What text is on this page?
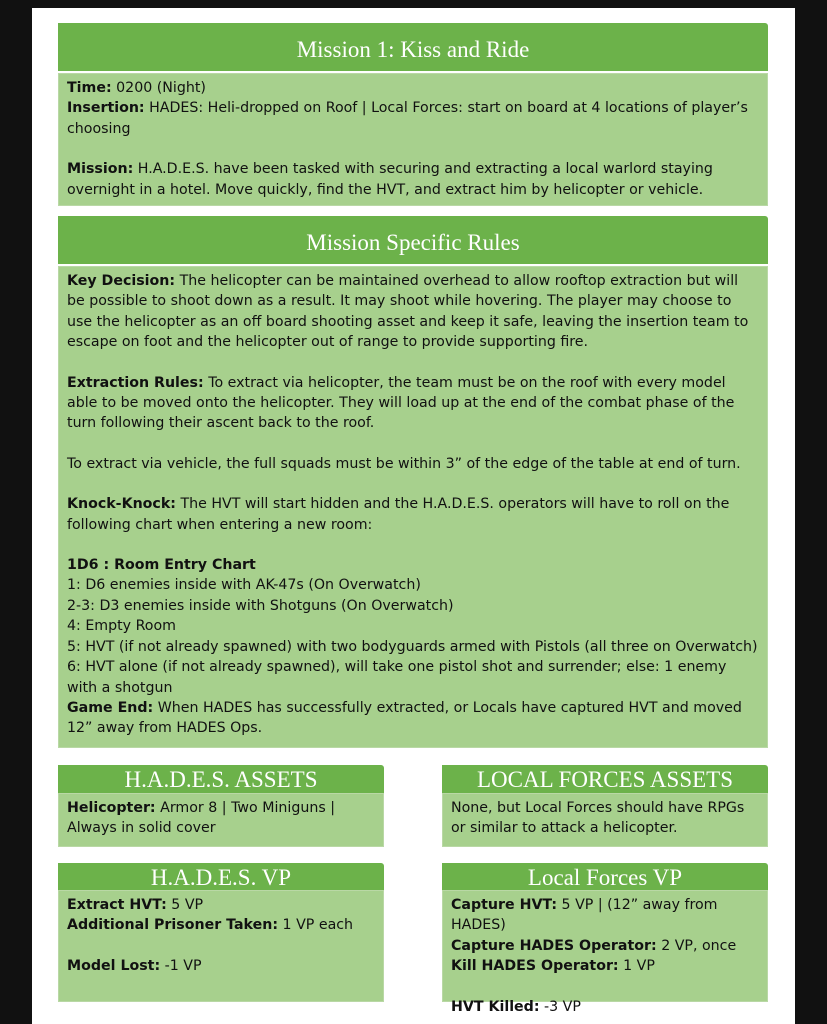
Mission 1: Kiss and Ride

Time: 0200 (Night)

Insertion: HADES: Heli-dropped on Roof | Local Forces: start on board at 4 locations of player’s choosing

Mission: H.A.D.E.S. have been tasked with securing and extracting a local warlord staying overnight in a hotel. Move quickly, find the HVT, and extract him by helicopter or vehicle.

Mission Specific Rules

Key Decision: The helicopter can be maintained overhead to allow rooftop extraction but will be possible to shoot down as a result. It may shoot while hovering. The player may choose to use the helicopter as an off board shooting asset and keep it safe, leaving the insertion team to escape on foot and the helicopter out of range to provide supporting fire.

Extraction Rules: To extract via helicopter, the team must be on the roof with every model able to be moved onto the helicopter. They will load up at the end of the combat phase of the turn following their ascent back to the roof.

To extract via vehicle, the full squads must be within 3” of the edge of the table at end of turn.

Knock-Knock: The HVT will start hidden and the H.A.D.E.S. operators will have to roll on the following chart when entering a new room:

1D6 : Room Entry Chart

1: D6 enemies inside with AK-47s (On Overwatch)

2-3: D3 enemies inside with Shotguns (On Overwatch)

4: Empty Room

5: HVT (if not already spawned) with two bodyguards armed with Pistols (all three on Overwatch)

6: HVT alone (if not already spawned), will take one pistol shot and surrender; else: 1 enemy with a shotgun

Game End: When HADES has successfully extracted, or Locals have captured HVT and moved 12” away from HADES Ops.

H.A.D.E.S. ASSETS

Helicopter: Armor 8 | Two Miniguns | Always in solid cover

LOCAL FORCES ASSETS

None, but Local Forces should have RPGs or similar to attack a helicopter.

H.A.D.E.S. VP

Extract HVT: 5 VP

Additional Prisoner Taken: 1 VP each

Model Lost: -1 VP

Local Forces VP

Capture HVT: 5 VP | (12” away from HADES)

Capture HADES Operator: 2 VP, once

Kill HADES Operator: 1 VP

HVT Killed: -3 VP
